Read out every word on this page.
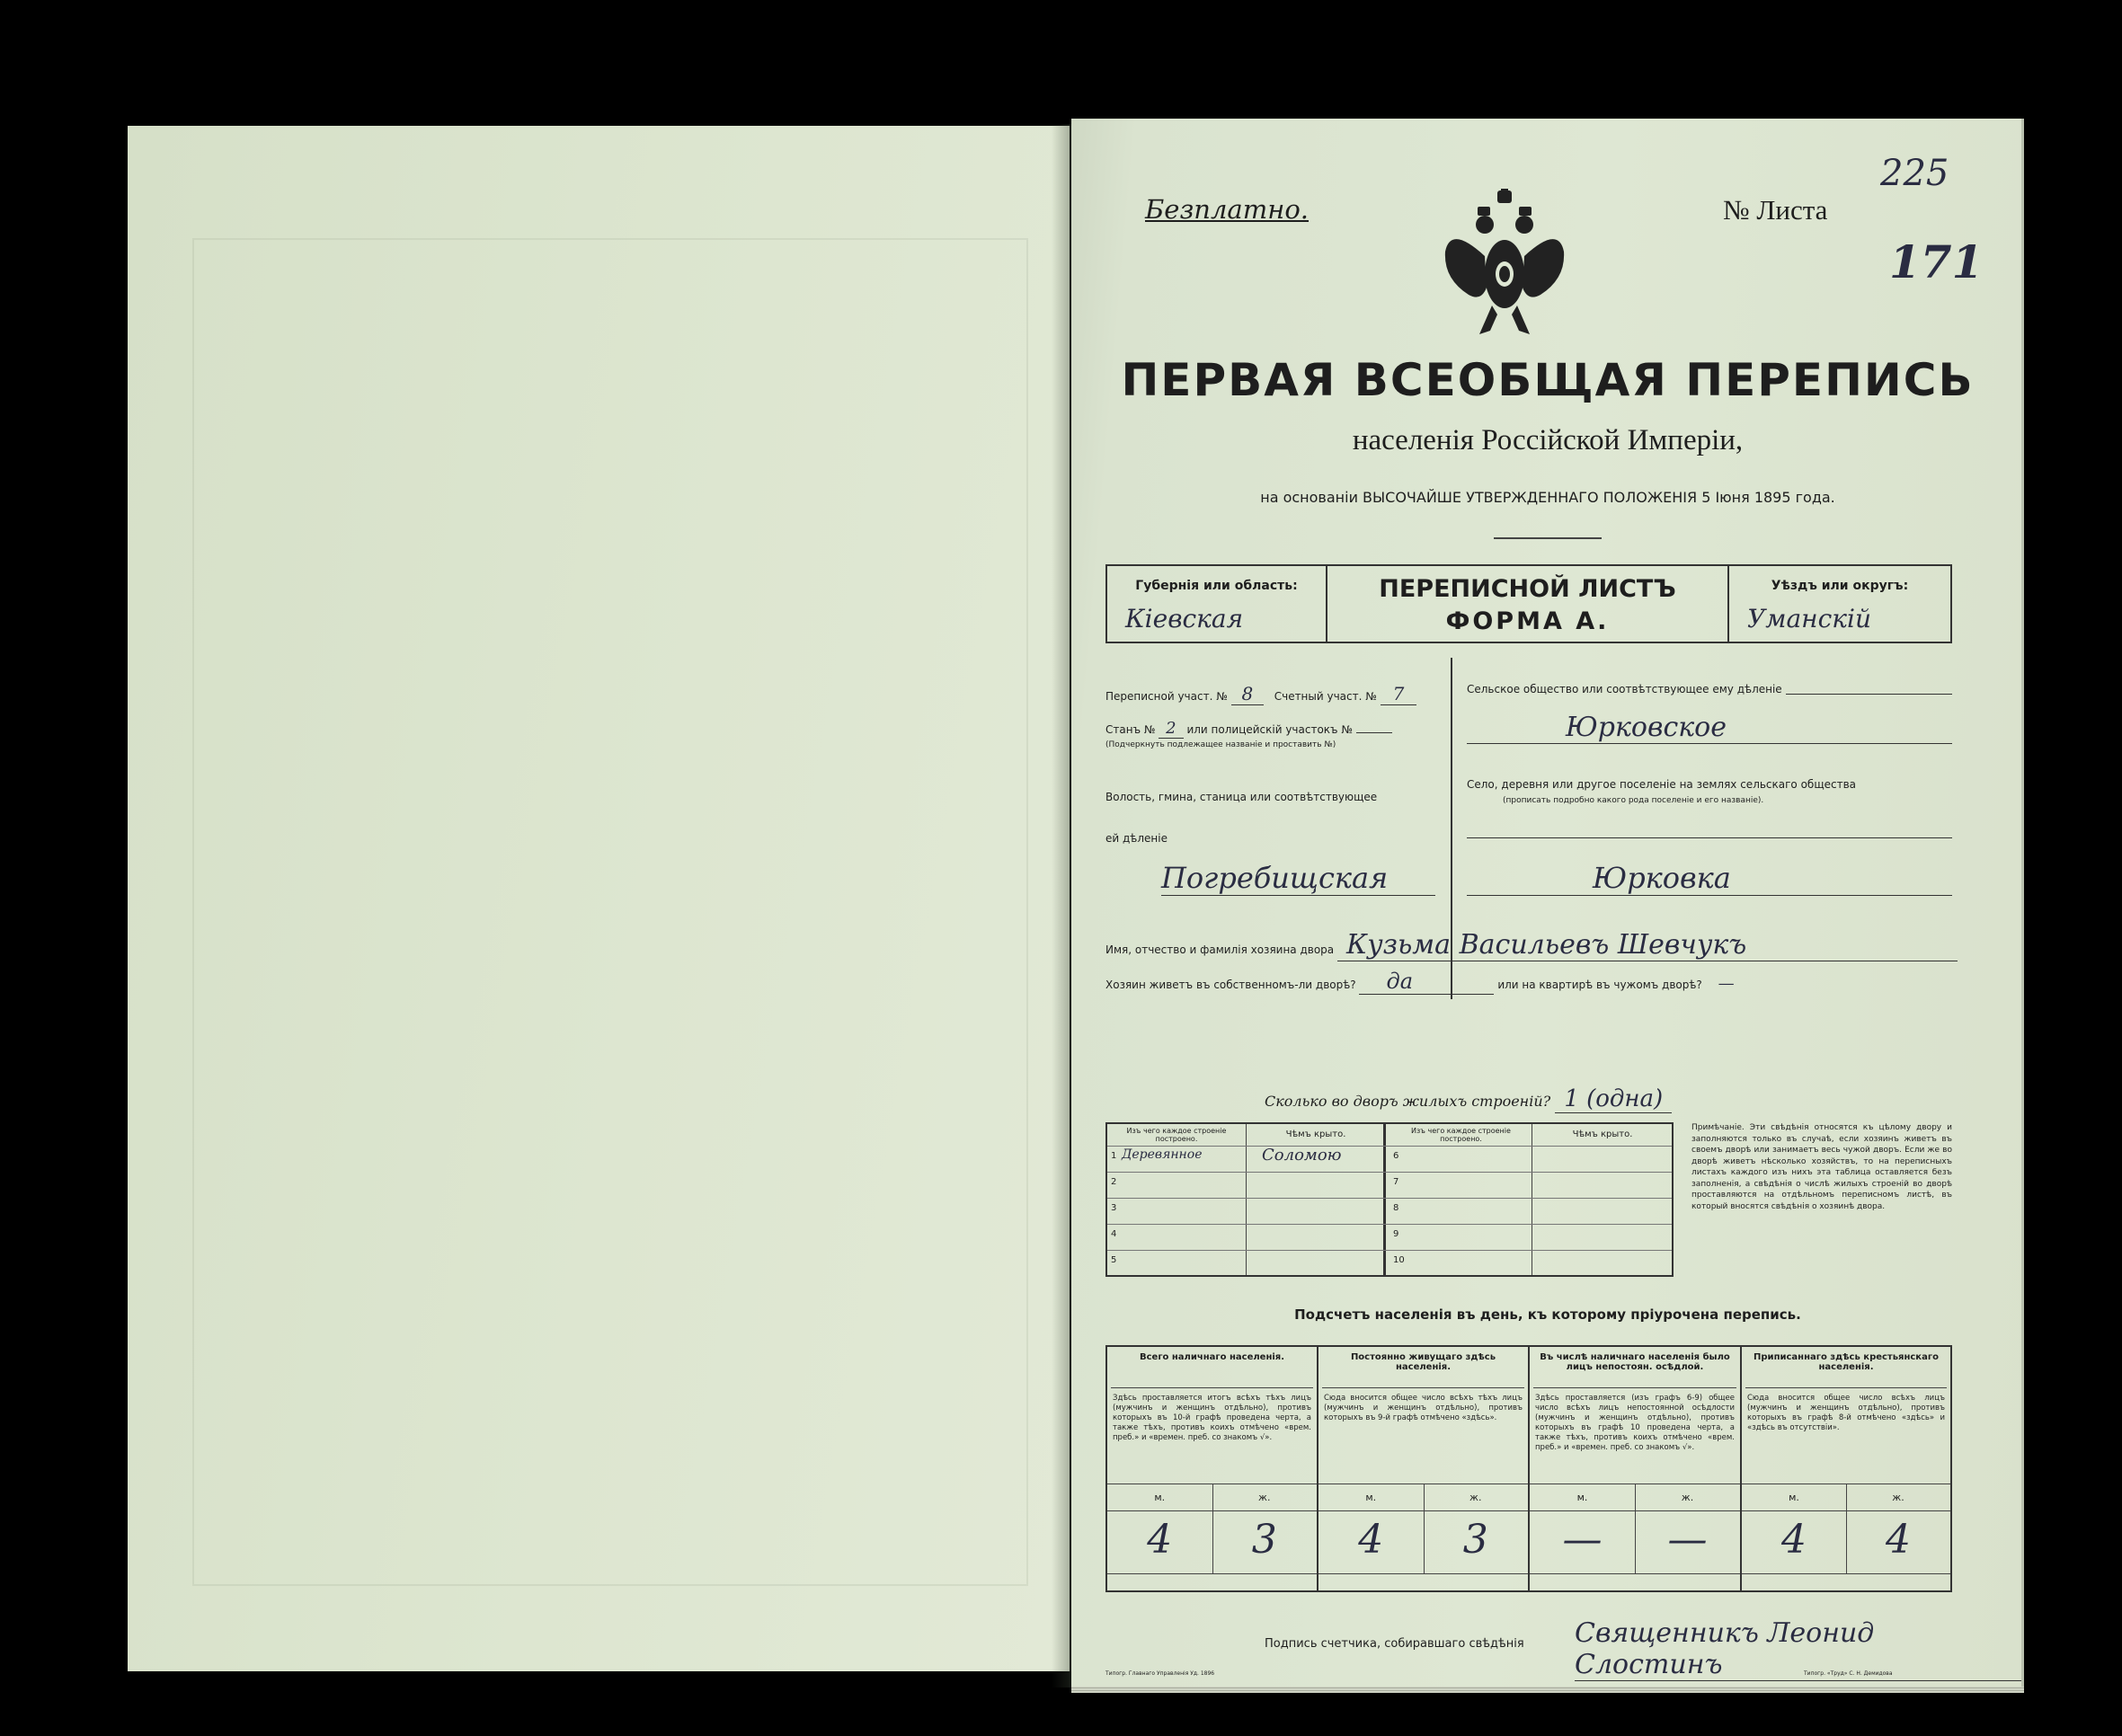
Безплатно.	№ Листа
225
171
ПЕРВАЯ ВСЕОБЩАЯ ПЕРЕПИСЬ
населенія Россійской Имперіи,
на основаніи ВЫСОЧАЙШЕ УТВЕРЖДЕННАГО ПОЛОЖЕНІЯ 5 Іюня 1895 года.
Губернія или область:
Кіевская
ПЕРЕПИСНОЙ ЛИСТЪ
ФОРМА А.
Уѣздъ или округъ:
Уманскій
Переписной участ. № 8 Счетный участ. № 7
Станъ № 2 или полицейскій участокъ №
(Подчеркнуть подлежащее названіе и проставить №)
Волость, гмина, станица или соотвѣтствующее
ей дѣленіе
Погребищская
Сельское общество или соотвѣтствующее ему дѣленіе
Юрковское
Село, деревня или другое поселеніе на землях сельскаго общества
(прописать подробно какого рода поселеніе и его названіе).
Юрковка
Имя, отчество и фамилія хозяина двора Кузьма Васильевъ Шевчукъ
Хозяин живетъ въ собственномъ-ли дворѣ? да	или на квартирѣ въ чужомъ дворѣ? —
Сколько во дворъ жилыхъ строеній? 1 (одна)
Изъ чего каждое строеніе построено.	Чѣмъ крыто.	Изъ чего каждое строеніе построено.	Чѣмъ крыто.
1 Деревянное	Соломою
2
3
4
5
6
7
8
9
10
Примѣчаніе. Эти свѣдѣнія относятся къ цѣлому двору и заполняются только въ случаѣ, если хозяинъ живетъ въ своемъ дворѣ или занимаетъ весь чужой дворъ. Если же во дворѣ живетъ нѣсколько хозяйствъ, то на переписныхъ листахъ каждого изъ нихъ эта таблица оставляется безъ заполненія, а свѣдѣнія о числѣ жилыхъ строеній во дворѣ проставляются на отдѣльномъ переписномъ листѣ, въ который вносятся свѣдѣнія о хозяинѣ двора.
Подсчетъ населенія въ день, къ которому пріурочена перепись.
Всего наличнаго населенія.
Здѣсь проставляется итогъ всѣхъ тѣхъ лицъ (мужчинъ и женщинъ отдѣльно), противъ которыхъ въ 10-й графѣ проведена черта, а также тѣхъ, противъ коихъ отмѣчено «врем. преб.» и «времен. преб. со знакомъ √».
м.	ж.
4	3
Постоянно живущаго здѣсь населенія.
Сюда вносится общее число всѣхъ тѣхъ лицъ (мужчинъ и женщинъ отдѣльно), противъ которыхъ въ 9-й графѣ отмѣчено «здѣсь».
м.	ж.
4	3
Въ числѣ наличнаго населенія было лицъ непостоян. осѣдлой.
Здѣсь проставляется (изъ графъ 6-9) общее число всѣхъ лицъ непостоянной осѣдлости (мужчинъ и женщинъ отдѣльно), противъ которыхъ въ графѣ 10 проведена черта, а также тѣхъ, противъ коихъ отмѣчено «врем. преб.» и «времен. преб. со знакомъ √».
м.	ж.
—	—
Приписаннаго здѣсь крестьянскаго населенія.
Сюда вносится общее число всѣхъ лицъ (мужчинъ и женщинъ отдѣльно), противъ которыхъ въ графѣ 8-й отмѣчено «здѣсь» и «здѣсь въ отсутствіи».
м.	ж.
4	4
Подпись счетчика, собиравшаго свѣдѣнія Священникъ Леонид Слостинъ
Типогр. Главнаго Управленія Уд. 1896	Типогр. «Труд» С. Н. Демидова
